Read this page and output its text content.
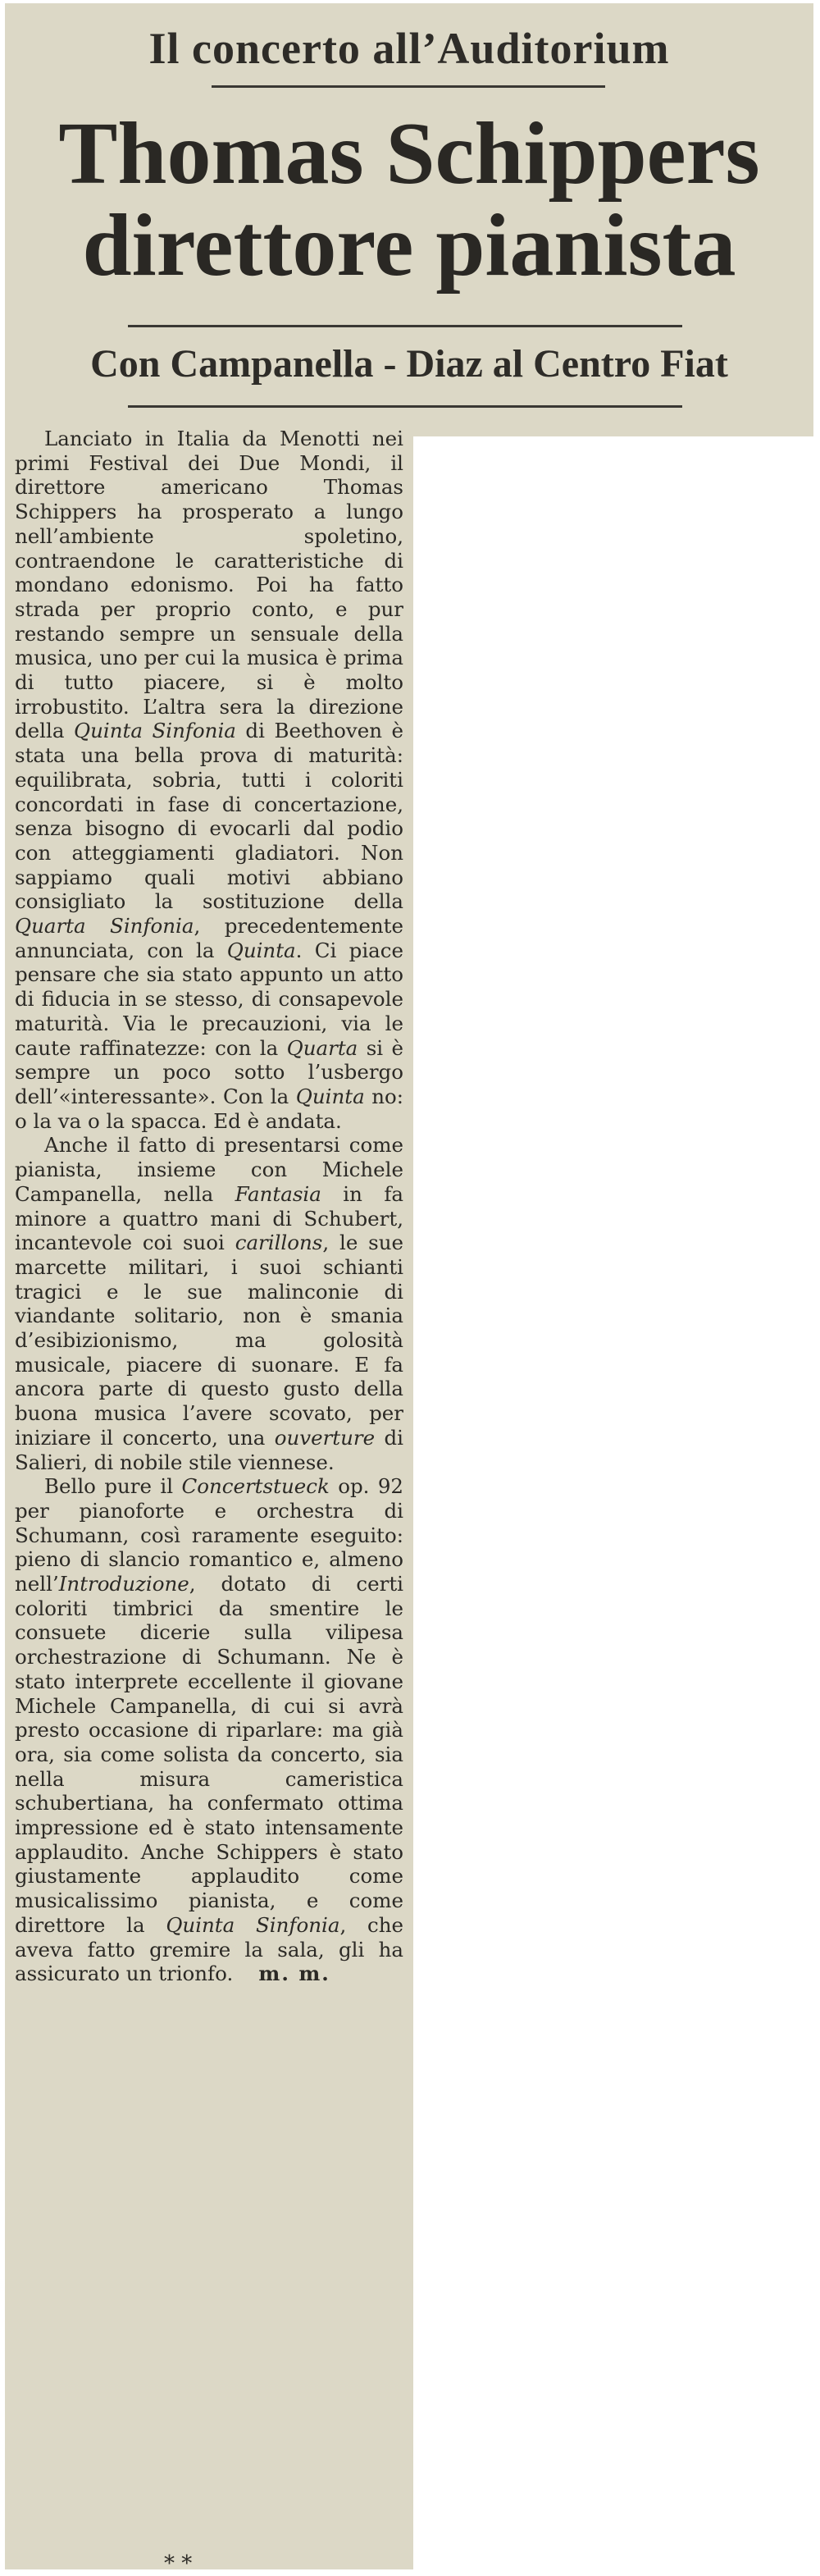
Il concerto all’Auditorium
Thomas Schippers
direttore pianista
Con Campanella - Diaz al Centro Fiat

Lanciato in Italia da Menotti nei primi Festival dei Due Mondi, il direttore americano Thomas Schippers ha prosperato a lungo nell’ambiente spoletino, contraendone le caratteristiche di mondano edonismo. Poi ha fatto strada per proprio conto, e pur restando sempre un sensuale della musica, uno per cui la musica è prima di tutto piacere, si è molto irrobustito. L’altra sera la direzione della Quinta Sinfonia di Beethoven è stata una bella prova di maturità: equilibrata, sobria, tutti i coloriti concordati in fase di concertazione, senza bisogno di evocarli dal podio con atteggiamenti gladiatori. Non sappiamo quali motivi abbiano consigliato la sostituzione della Quarta Sinfonia, precedentemente annunciata, con la Quinta. Ci piace pensare che sia stato appunto un atto di fiducia in se stesso, di consapevole maturità. Via le precauzioni, via le caute raffinatezze: con la Quarta si è sempre un poco sotto l’usbergo dell’«interessante». Con la Quinta no: o la va o la spacca. Ed è andata.

Anche il fatto di presentarsi come pianista, insieme con Michele Campanella, nella Fantasia in fa minore a quattro mani di Schubert, incantevole coi suoi carillons, le sue marcette militari, i suoi schianti tragici e le sue malinconie di viandante solitario, non è smania d’esibizionismo, ma golosità musicale, piacere di suonare. E fa ancora parte di questo gusto della buona musica l’avere scovato, per iniziare il concerto, una ouverture di Salieri, di nobile stile viennese.

Bello pure il Concertstueck op. 92 per pianoforte e orchestra di Schumann, così raramente eseguito: pieno di slancio romantico e, almeno nell’Introduzione, dotato di certi coloriti timbrici da smentire le consuete dicerie sulla vilipesa orchestrazione di Schumann. Ne è stato interprete eccellente il giovane Michele Campanella, di cui si avrà presto occasione di riparlare: ma già ora, sia come solista da concerto, sia nella misura cameristica schubertiana, ha confermato ottima impressione ed è stato intensamente applaudito. Anche Schippers è stato giustamente applaudito come musicalissimo pianista, e come direttore la Quinta Sinfonia, che aveva fatto gremire la sala, gli ha assicurato un trionfo. m. m.

* *
